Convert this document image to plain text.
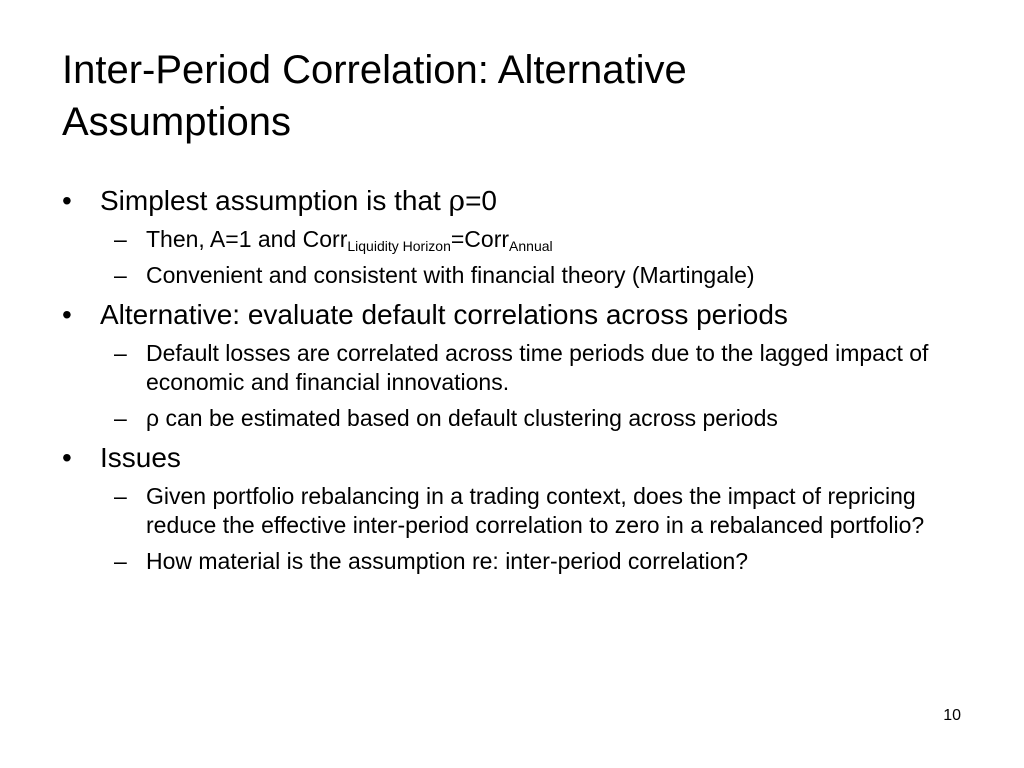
Inter-Period Correlation: Alternative
Assumptions
•	Simplest assumption is that ρ=0
– Then, A=1 and Corr$_{Liquidity Horizon}$=Corr$_{Annual}$
– Convenient and consistent with financial theory (Martingale)
•	Alternative: evaluate default correlations across periods
– Default losses are correlated across time periods due to the lagged impact of economic and financial innovations.
– ρ can be estimated based on default clustering across periods
•	Issues
– Given portfolio rebalancing in a trading context, does the impact of repricing reduce the effective inter-period correlation to zero in a rebalanced portfolio?
– How material is the assumption re: inter-period correlation?
10
